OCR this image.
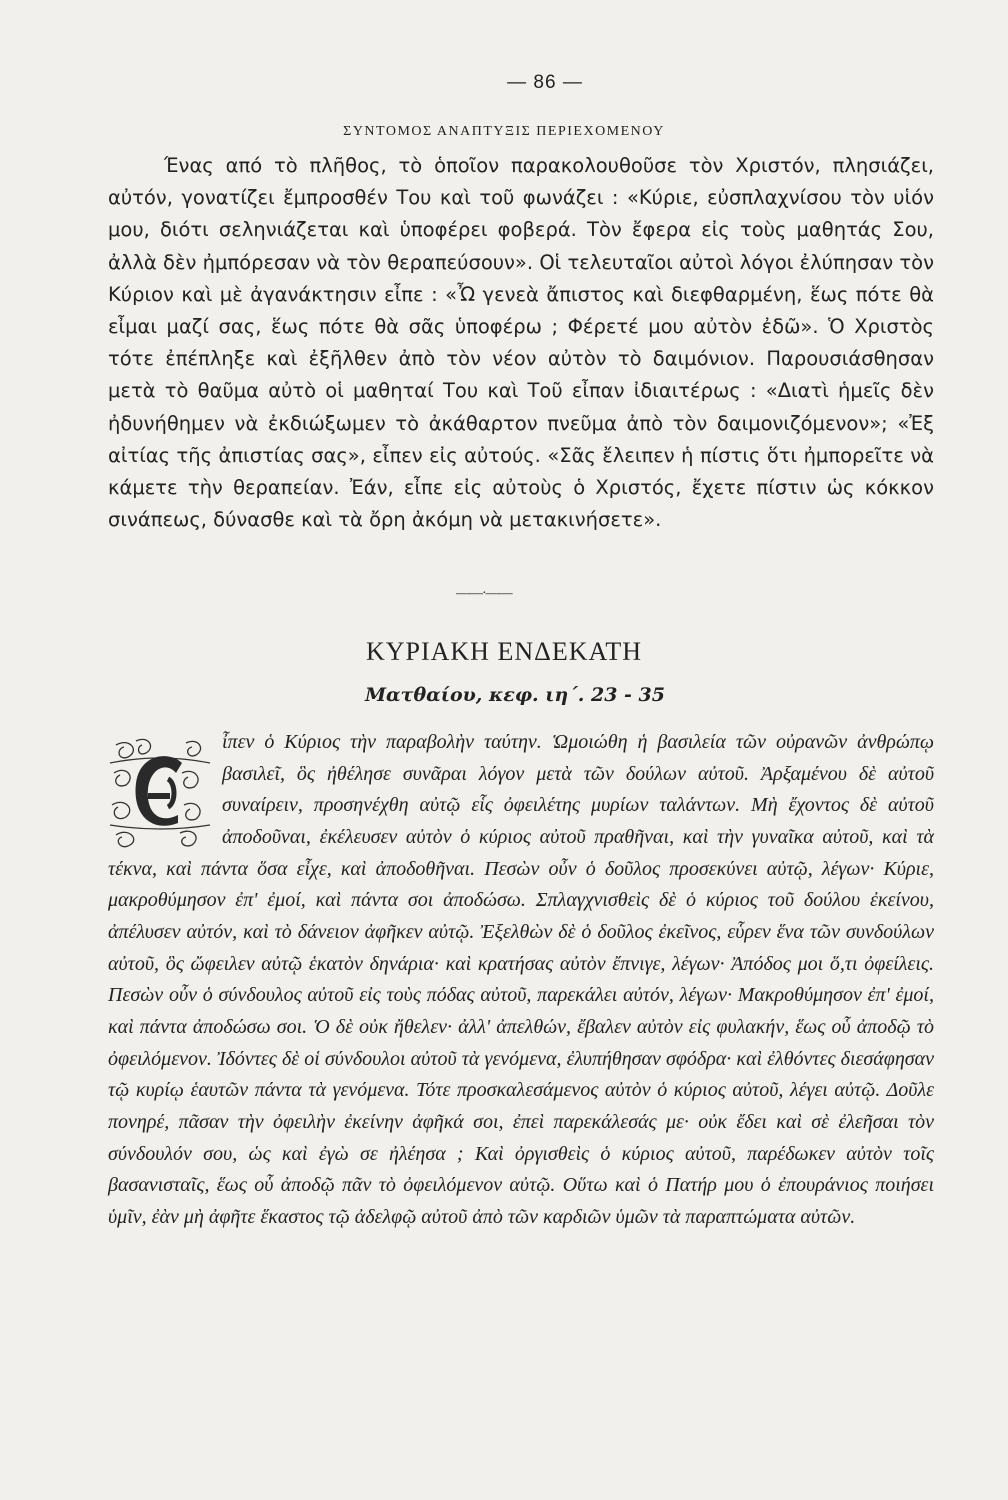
— 86 —
ΣΥΝΤΟΜΟΣ ΑΝΑΠΤΥΞΙΣ ΠΕΡΙΕΧΟΜΕΝΟΥ

Ένας από τὸ πλῆθος, τὸ ὁποῖον παρακολουθοῦσε τὸν Χριστόν, πλησιάζει, αὐτόν, γονατίζει ἔμπροσθέν Του καὶ τοῦ φωνάζει : «Κύριε, εὐσπλαχνίσου τὸν υἱόν μου, διότι σεληνιάζεται καὶ ὑποφέρει φοβερά. Τὸν ἔφερα εἰς τοὺς μαθητάς Σου, ἀλλὰ δὲν ἠμπόρεσαν νὰ τὸν θεραπεύσουν». Οἱ τελευταῖοι αὐτοὶ λόγοι ἐλύπησαν τὸν Κύριον καὶ μὲ ἀγανάκτησιν εἶπε : «Ὦ γενεὰ ἄπιστος καὶ διεφθαρμένη, ἕως πότε θὰ εἶμαι μαζί σας, ἕως πότε θὰ σᾶς ὑποφέρω ; Φέρετέ μου αὐτὸν ἐδῶ». Ὁ Χριστὸς τότε ἐπέπληξε καὶ ἐξῆλθεν ἀπὸ τὸν νέον αὐτὸν τὸ δαιμόνιον. Παρουσιάσθησαν μετὰ τὸ θαῦμα αὐτὸ οἱ μαθηταί Του καὶ Τοῦ εἶπαν ἰδιαιτέρως : «Διατὶ ἡμεῖς δὲν ἠδυνήθημεν νὰ ἐκδιώξωμεν τὸ ἀκάθαρτον πνεῦμα ἀπὸ τὸν δαιμονιζόμενον»; «Ἐξ αἰτίας τῆς ἀπιστίας σας», εἶπεν εἰς αὐτούς. «Σᾶς ἔλειπεν ἡ πίστις ὅτι ἠμπορεῖτε νὰ κάμετε τὴν θεραπείαν. Ἐάν, εἶπε εἰς αὐτοὺς ὁ Χριστός, ἔχετε πίστιν ὡς κόκκον σινάπεως, δύνασθε καὶ τὰ ὄρη ἀκόμη νὰ μετακινήσετε».

——·——
ΚΥΡΙΑΚΗ ΕΝΔΕΚΑΤΗ
Ματθαίου, κεφ. ιη΄. 23 - 35

ἶπεν ὁ Κύριος τὴν παραβολὴν ταύτην. Ὡμοιώθη ἡ βασιλεία τῶν οὐρανῶν ἀνθρώπῳ βασιλεῖ, ὃς ἠθέλησε συνᾶραι λόγον μετὰ τῶν δούλων αὐτοῦ. Ἀρξαμένου δὲ αὐτοῦ συναίρειν, προσηνέχθη αὐτῷ εἷς ὀφειλέτης μυρίων ταλάντων. Μὴ ἔχοντος δὲ αὐτοῦ ἀποδοῦναι, ἐκέλευσεν αὐτὸν ὁ κύριος αὐτοῦ πραθῆναι, καὶ τὴν γυναῖκα αὐτοῦ, καὶ τὰ τέκνα, καὶ πάντα ὅσα εἶχε, καὶ ἀποδοθῆναι. Πεσὼν οὖν ὁ δοῦλος προσεκύνει αὐτῷ, λέγων· Κύριε, μακροθύμησον ἐπ' ἐμοί, καὶ πάντα σοι ἀποδώσω. Σπλαγχνισθεὶς δὲ ὁ κύριος τοῦ δούλου ἐκείνου, ἀπέλυσεν αὐτόν, καὶ τὸ δάνειον ἀφῆκεν αὐτῷ. Ἐξελθὼν δὲ ὁ δοῦλος ἐκεῖνος, εὗρεν ἕνα τῶν συνδούλων αὐτοῦ, ὃς ὤφειλεν αὐτῷ ἑκατὸν δηνάρια· καὶ κρατήσας αὐτὸν ἔπνιγε, λέγων· Ἀπόδος μοι ὅ,τι ὀφείλεις. Πεσὼν οὖν ὁ σύνδουλος αὐτοῦ εἰς τοὺς πόδας αὐτοῦ, παρεκάλει αὐτόν, λέγων· Μακροθύμησον ἐπ' ἐμοί, καὶ πάντα ἀποδώσω σοι. Ὁ δὲ οὐκ ἤθελεν· ἀλλ' ἀπελθών, ἔβαλεν αὐτὸν εἰς φυλακήν, ἕως οὗ ἀποδῷ τὸ ὀφειλόμενον. Ἰδόντες δὲ οἱ σύνδουλοι αὐτοῦ τὰ γενόμενα, ἐλυπήθησαν σφόδρα· καὶ ἐλθόντες διεσάφησαν τῷ κυρίῳ ἑαυτῶν πάντα τὰ γενόμενα. Τότε προσκαλεσάμενος αὐτὸν ὁ κύριος αὐτοῦ, λέγει αὐτῷ. Δοῦλε πονηρέ, πᾶσαν τὴν ὀφειλὴν ἐκείνην ἀφῆκά σοι, ἐπεὶ παρεκάλεσάς με· οὐκ ἔδει καὶ σὲ ἐλεῆσαι τὸν σύνδουλόν σου, ὡς καὶ ἐγὼ σε ἠλέησα ; Καὶ ὀργισθεὶς ὁ κύριος αὐτοῦ, παρέδωκεν αὐτὸν τοῖς βασανισταῖς, ἕως οὗ ἀποδῷ πᾶν τὸ ὀφειλόμενον αὐτῷ. Οὕτω καὶ ὁ Πατήρ μου ὁ ἐπουράνιος ποιήσει ὑμῖν, ἐὰν μὴ ἀφῆτε ἕκαστος τῷ ἀδελφῷ αὐτοῦ ἀπὸ τῶν καρδιῶν ὑμῶν τὰ παραπτώματα αὐτῶν.
